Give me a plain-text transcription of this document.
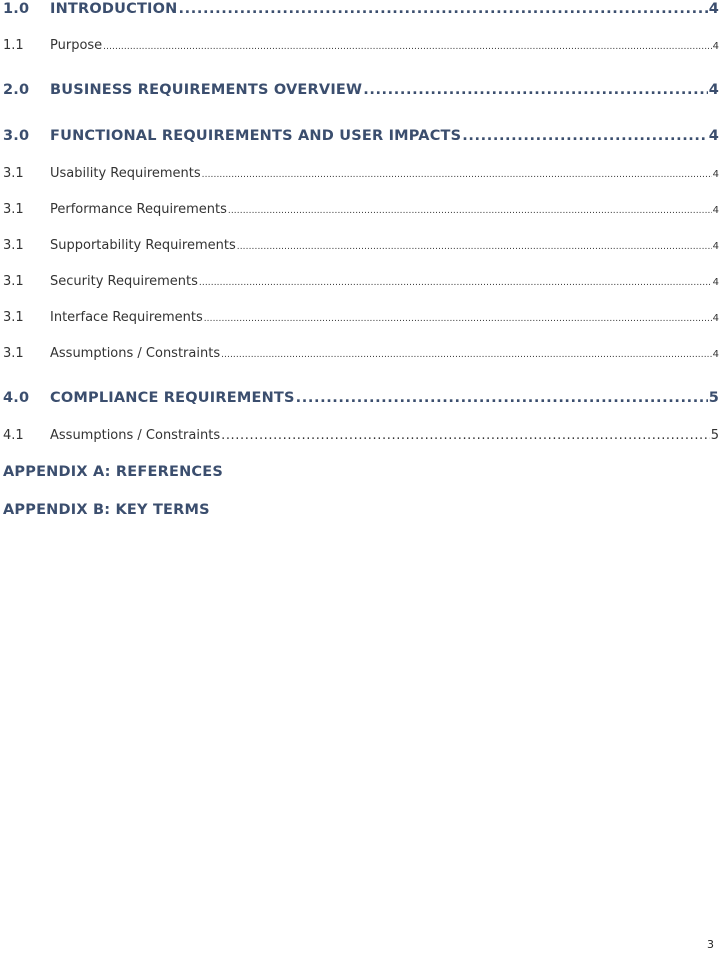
1.0	INTRODUCTION .....	4
1.1	Purpose .....	4
2.0	BUSINESS REQUIREMENTS OVERVIEW .....	4
3.0	FUNCTIONAL REQUIREMENTS AND USER IMPACTS .....	4
3.1	Usability Requirements .....	4
3.1	Performance Requirements .....	4
3.1	Supportability Requirements .....	4
3.1	Security Requirements .....	4
3.1	Interface Requirements .....	4
3.1	Assumptions / Constraints .....	4
4.0	COMPLIANCE REQUIREMENTS .....	5
4.1	Assumptions / Constraints .....	5
APPENDIX A: REFERENCES
APPENDIX B: KEY TERMS
3
